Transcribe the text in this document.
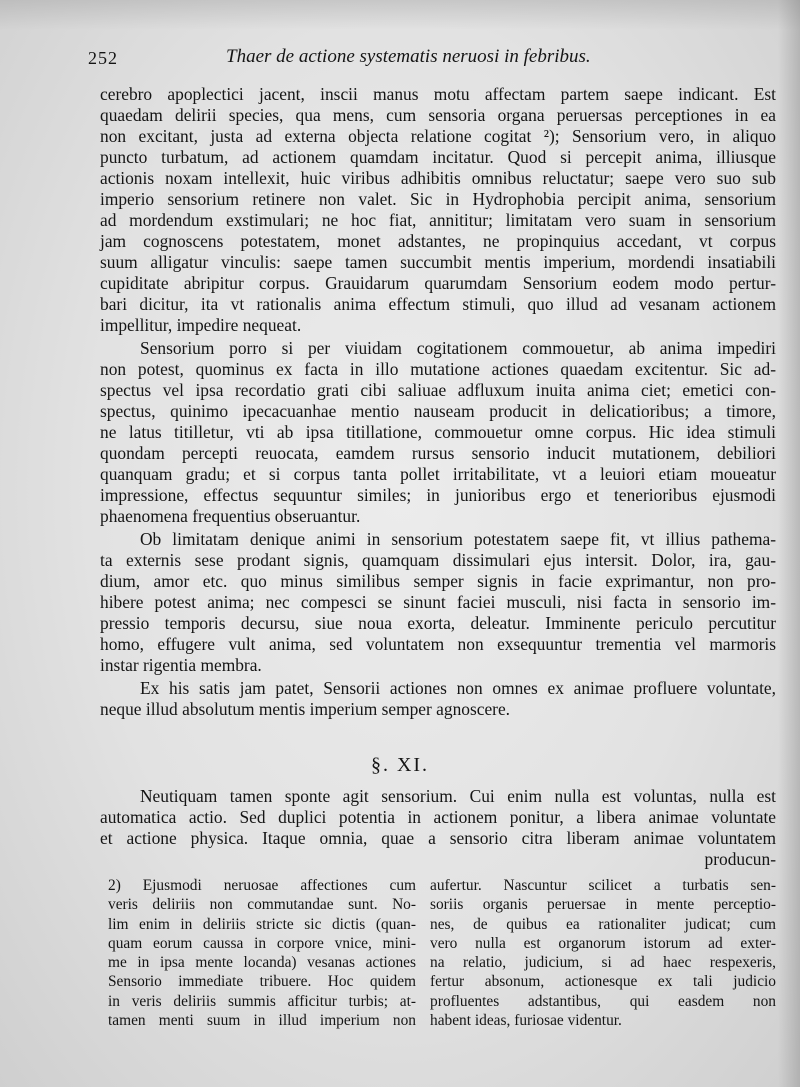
252	Thaer de actione systematis neruosi in febribus.
cerebro apoplectici jacent, inscii manus motu affectam partem saepe indicant. Est
quaedam delirii species, qua mens, cum sensoria organa peruersas perceptiones in ea
non excitant, justa ad externa objecta relatione cogitat ²); Sensorium vero, in aliquo
puncto turbatum, ad actionem quamdam incitatur. Quod si percepit anima, illiusque
actionis noxam intellexit, huic viribus adhibitis omnibus reluctatur; saepe vero suo sub
imperio sensorium retinere non valet. Sic in Hydrophobia percipit anima, sensorium
ad mordendum exstimulari; ne hoc fiat, annititur; limitatam vero suam in sensorium
jam cognoscens potestatem, monet adstantes, ne propinquius accedant, vt corpus
suum alligatur vinculis: saepe tamen succumbit mentis imperium, mordendi insatiabili
cupiditate abripitur corpus. Grauidarum quarumdam Sensorium eodem modo pertur-
bari dicitur, ita vt rationalis anima effectum stimuli, quo illud ad vesanam actionem
impellitur, impedire nequeat.
Sensorium porro si per viuidam cogitationem commouetur, ab anima impediri
non potest, quominus ex facta in illo mutatione actiones quaedam excitentur. Sic ad-
spectus vel ipsa recordatio grati cibi saliuae adfluxum inuita anima ciet; emetici con-
spectus, quinimo ipecacuanhae mentio nauseam producit in delicatioribus; a timore,
ne latus titilletur, vti ab ipsa titillatione, commouetur omne corpus. Hic idea stimuli
quondam percepti reuocata, eamdem rursus sensorio inducit mutationem, debiliori
quanquam gradu; et si corpus tanta pollet irritabilitate, vt a leuiori etiam moueatur
impressione, effectus sequuntur similes; in junioribus ergo et tenerioribus ejusmodi
phaenomena frequentius obseruantur.
Ob limitatam denique animi in sensorium potestatem saepe fit, vt illius pathema-
ta externis sese prodant signis, quamquam dissimulari ejus intersit. Dolor, ira, gau-
dium, amor etc. quo minus similibus semper signis in facie exprimantur, non pro-
hibere potest anima; nec compesci se sinunt faciei musculi, nisi facta in sensorio im-
pressio temporis decursu, siue noua exorta, deleatur. Imminente periculo percutitur
homo, effugere vult anima, sed voluntatem non exsequuntur trementia vel marmoris
instar rigentia membra.
Ex his satis jam patet, Sensorii actiones non omnes ex animae profluere voluntate,
neque illud absolutum mentis imperium semper agnoscere.
§. XI.
Neutiquam tamen sponte agit sensorium. Cui enim nulla est voluntas, nulla est
automatica actio. Sed duplici potentia in actionem ponitur, a libera animae voluntate
et actione physica. Itaque omnia, quae a sensorio citra liberam animae voluntatem
producun-
2) Ejusmodi neruosae affectiones cum
veris deliriis non commutandae sunt. No-
lim enim in deliriis stricte sic dictis (quan-
quam eorum caussa in corpore vnice, mini-
me in ipsa mente locanda) vesanas actiones
Sensorio immediate tribuere. Hoc quidem
in veris deliriis summis afficitur turbis; at-
tamen menti suum in illud imperium non
aufertur. Nascuntur scilicet a turbatis sen-
soriis organis peruersae in mente perceptio-
nes, de quibus ea rationaliter judicat; cum
vero nulla est organorum istorum ad exter-
na relatio, judicium, si ad haec respexeris,
fertur absonum, actionesque ex tali judicio
profluentes adstantibus, qui easdem non
habent ideas, furiosae videntur.
